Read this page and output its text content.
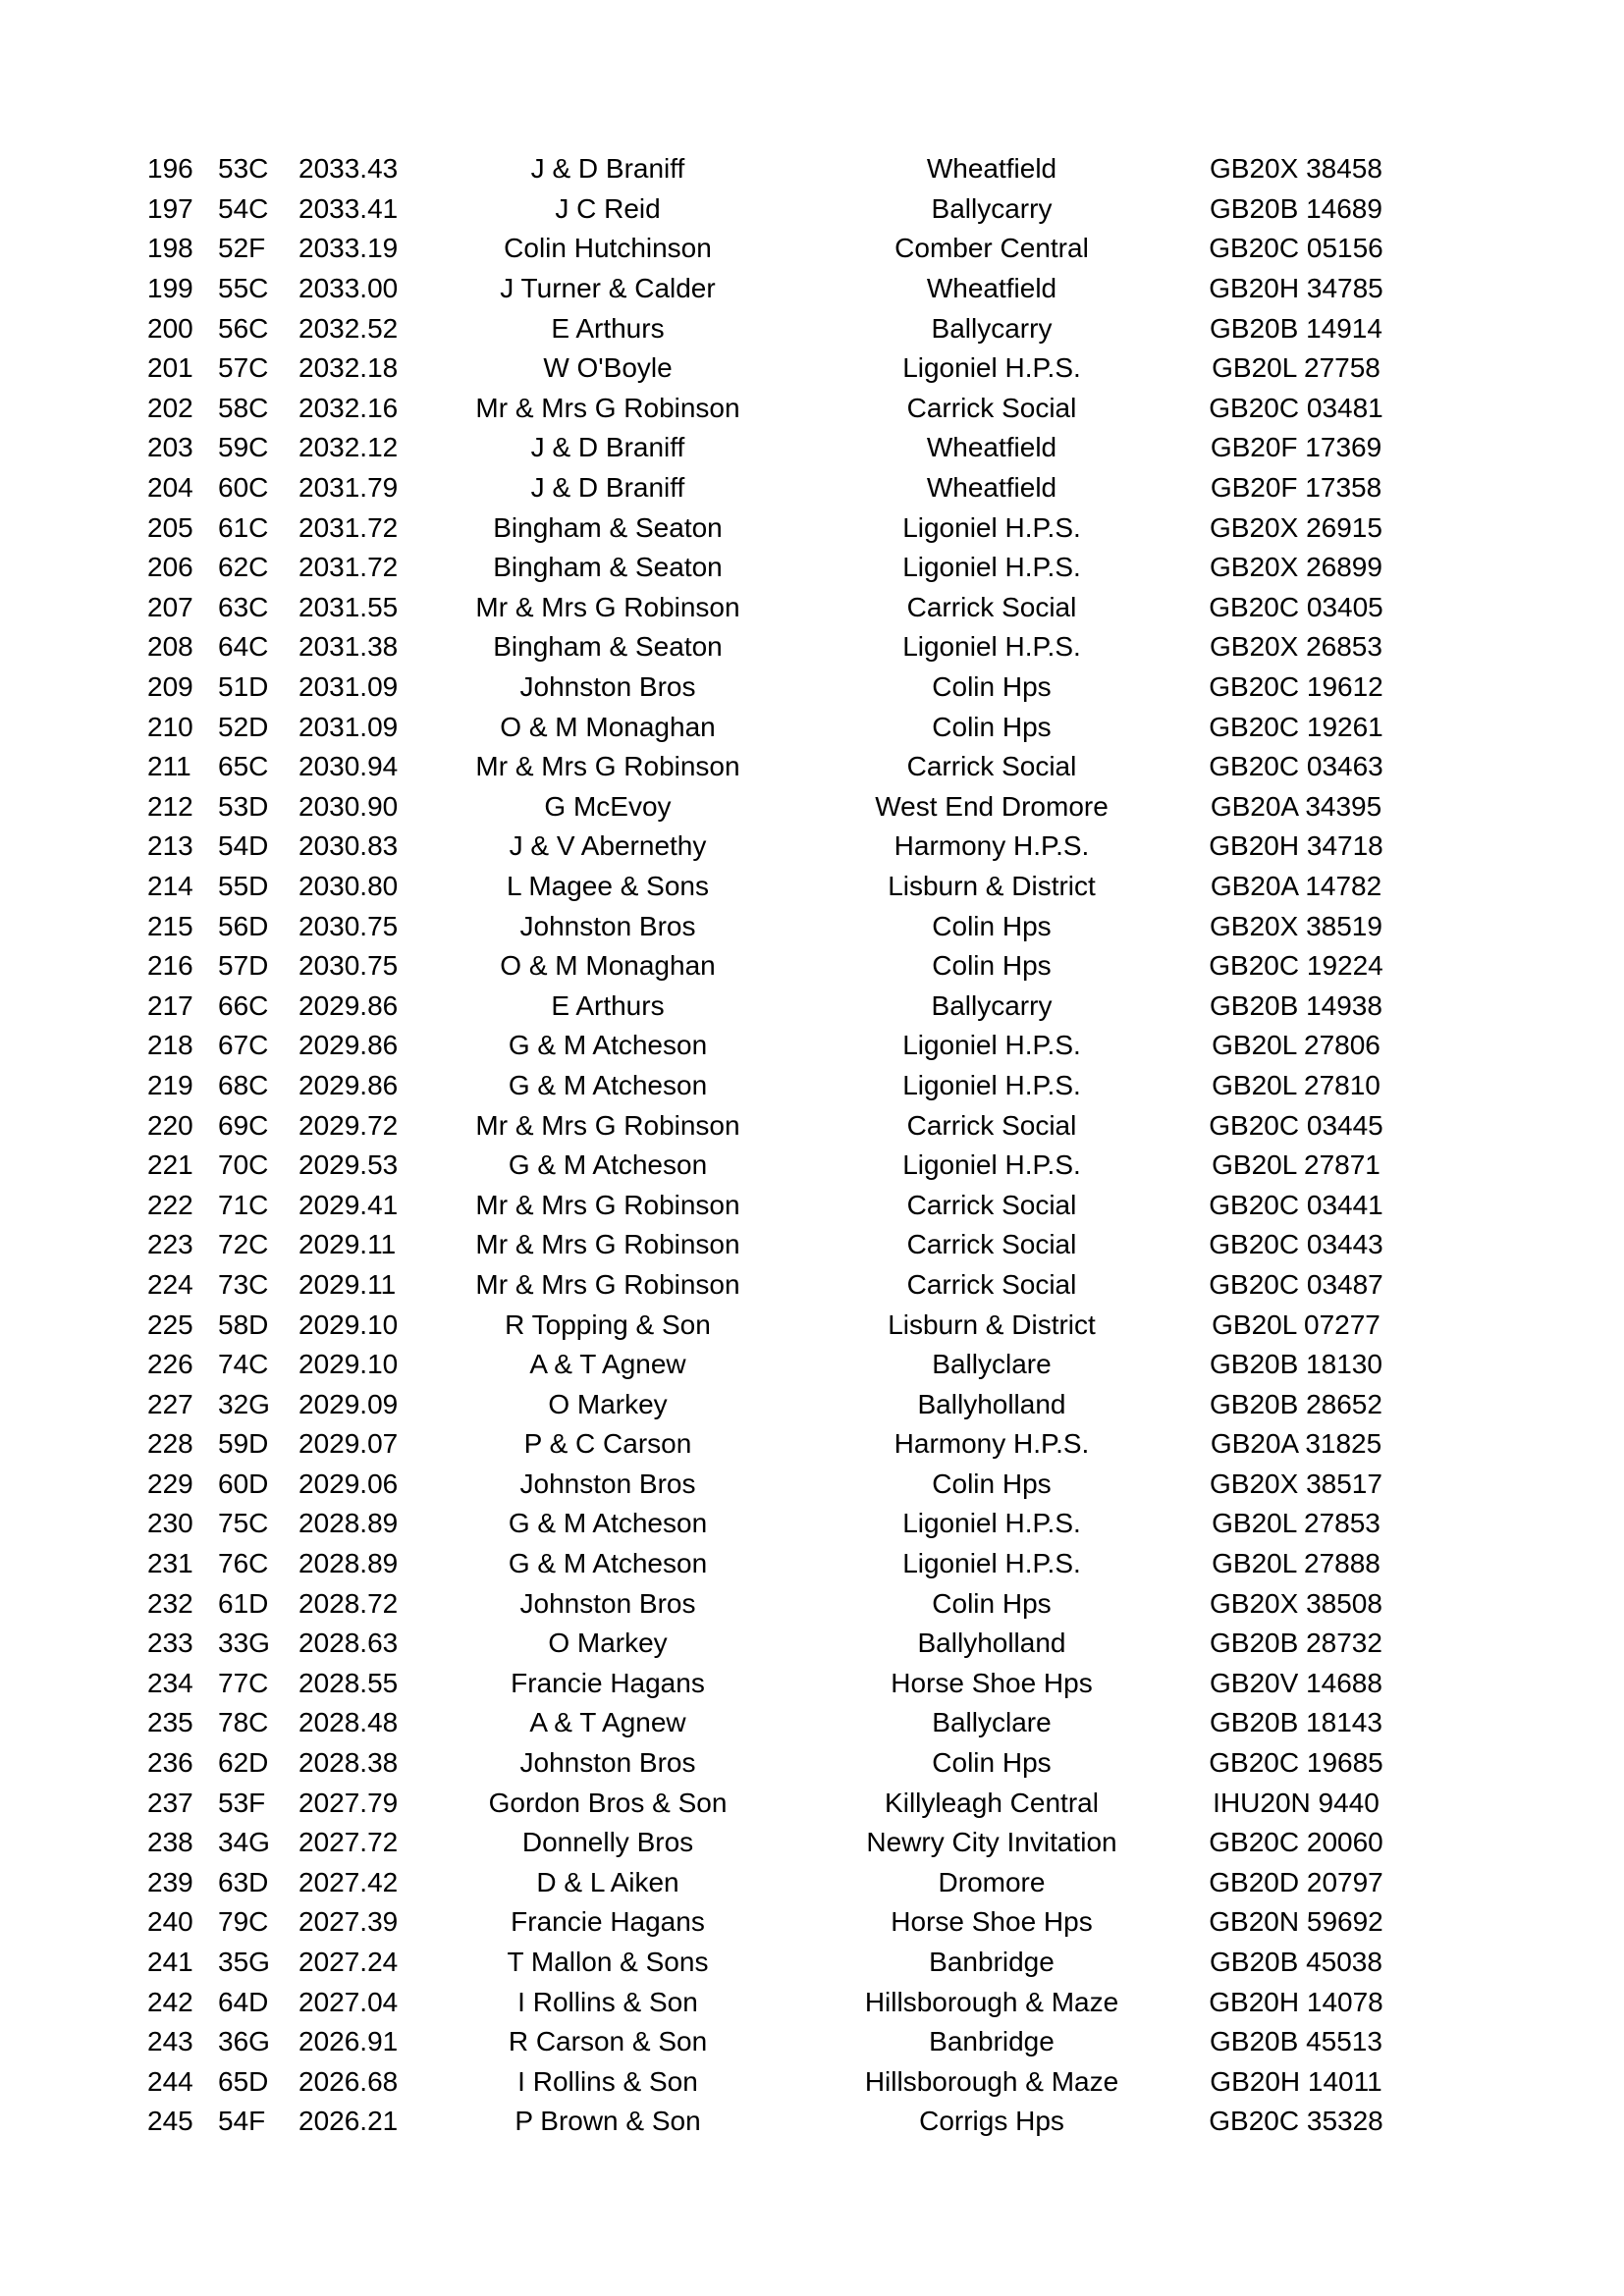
196	53C	2033.43	J & D Braniff	Wheatfield	GB20X 38458
197	54C	2033.41	J C Reid	Ballycarry	GB20B 14689
198	52F	2033.19	Colin Hutchinson	Comber Central	GB20C 05156
199	55C	2033.00	J Turner & Calder	Wheatfield	GB20H 34785
200	56C	2032.52	E Arthurs	Ballycarry	GB20B 14914
201	57C	2032.18	W O'Boyle	Ligoniel H.P.S.	GB20L 27758
202	58C	2032.16	Mr & Mrs G Robinson	Carrick Social	GB20C 03481
203	59C	2032.12	J & D Braniff	Wheatfield	GB20F 17369
204	60C	2031.79	J & D Braniff	Wheatfield	GB20F 17358
205	61C	2031.72	Bingham & Seaton	Ligoniel H.P.S.	GB20X 26915
206	62C	2031.72	Bingham & Seaton	Ligoniel H.P.S.	GB20X 26899
207	63C	2031.55	Mr & Mrs G Robinson	Carrick Social	GB20C 03405
208	64C	2031.38	Bingham & Seaton	Ligoniel H.P.S.	GB20X 26853
209	51D	2031.09	Johnston Bros	Colin Hps	GB20C 19612
210	52D	2031.09	O & M Monaghan	Colin Hps	GB20C 19261
211	65C	2030.94	Mr & Mrs G Robinson	Carrick Social	GB20C 03463
212	53D	2030.90	G McEvoy	West End Dromore	GB20A 34395
213	54D	2030.83	J & V Abernethy	Harmony H.P.S.	GB20H 34718
214	55D	2030.80	L Magee & Sons	Lisburn & District	GB20A 14782
215	56D	2030.75	Johnston Bros	Colin Hps	GB20X 38519
216	57D	2030.75	O & M Monaghan	Colin Hps	GB20C 19224
217	66C	2029.86	E Arthurs	Ballycarry	GB20B 14938
218	67C	2029.86	G & M Atcheson	Ligoniel H.P.S.	GB20L 27806
219	68C	2029.86	G & M Atcheson	Ligoniel H.P.S.	GB20L 27810
220	69C	2029.72	Mr & Mrs G Robinson	Carrick Social	GB20C 03445
221	70C	2029.53	G & M Atcheson	Ligoniel H.P.S.	GB20L 27871
222	71C	2029.41	Mr & Mrs G Robinson	Carrick Social	GB20C 03441
223	72C	2029.11	Mr & Mrs G Robinson	Carrick Social	GB20C 03443
224	73C	2029.11	Mr & Mrs G Robinson	Carrick Social	GB20C 03487
225	58D	2029.10	R Topping & Son	Lisburn & District	GB20L 07277
226	74C	2029.10	A & T Agnew	Ballyclare	GB20B 18130
227	32G	2029.09	O Markey	Ballyholland	GB20B 28652
228	59D	2029.07	P & C Carson	Harmony H.P.S.	GB20A 31825
229	60D	2029.06	Johnston Bros	Colin Hps	GB20X 38517
230	75C	2028.89	G & M Atcheson	Ligoniel H.P.S.	GB20L 27853
231	76C	2028.89	G & M Atcheson	Ligoniel H.P.S.	GB20L 27888
232	61D	2028.72	Johnston Bros	Colin Hps	GB20X 38508
233	33G	2028.63	O Markey	Ballyholland	GB20B 28732
234	77C	2028.55	Francie Hagans	Horse Shoe Hps	GB20V 14688
235	78C	2028.48	A & T Agnew	Ballyclare	GB20B 18143
236	62D	2028.38	Johnston Bros	Colin Hps	GB20C 19685
237	53F	2027.79	Gordon Bros & Son	Killyleagh Central	IHU20N 9440
238	34G	2027.72	Donnelly Bros	Newry City Invitation	GB20C 20060
239	63D	2027.42	D & L Aiken	Dromore	GB20D 20797
240	79C	2027.39	Francie Hagans	Horse Shoe Hps	GB20N 59692
241	35G	2027.24	T Mallon & Sons	Banbridge	GB20B 45038
242	64D	2027.04	I Rollins & Son	Hillsborough & Maze	GB20H 14078
243	36G	2026.91	R Carson & Son	Banbridge	GB20B 45513
244	65D	2026.68	I Rollins & Son	Hillsborough & Maze	GB20H 14011
245	54F	2026.21	P Brown & Son	Corrigs Hps	GB20C 35328
